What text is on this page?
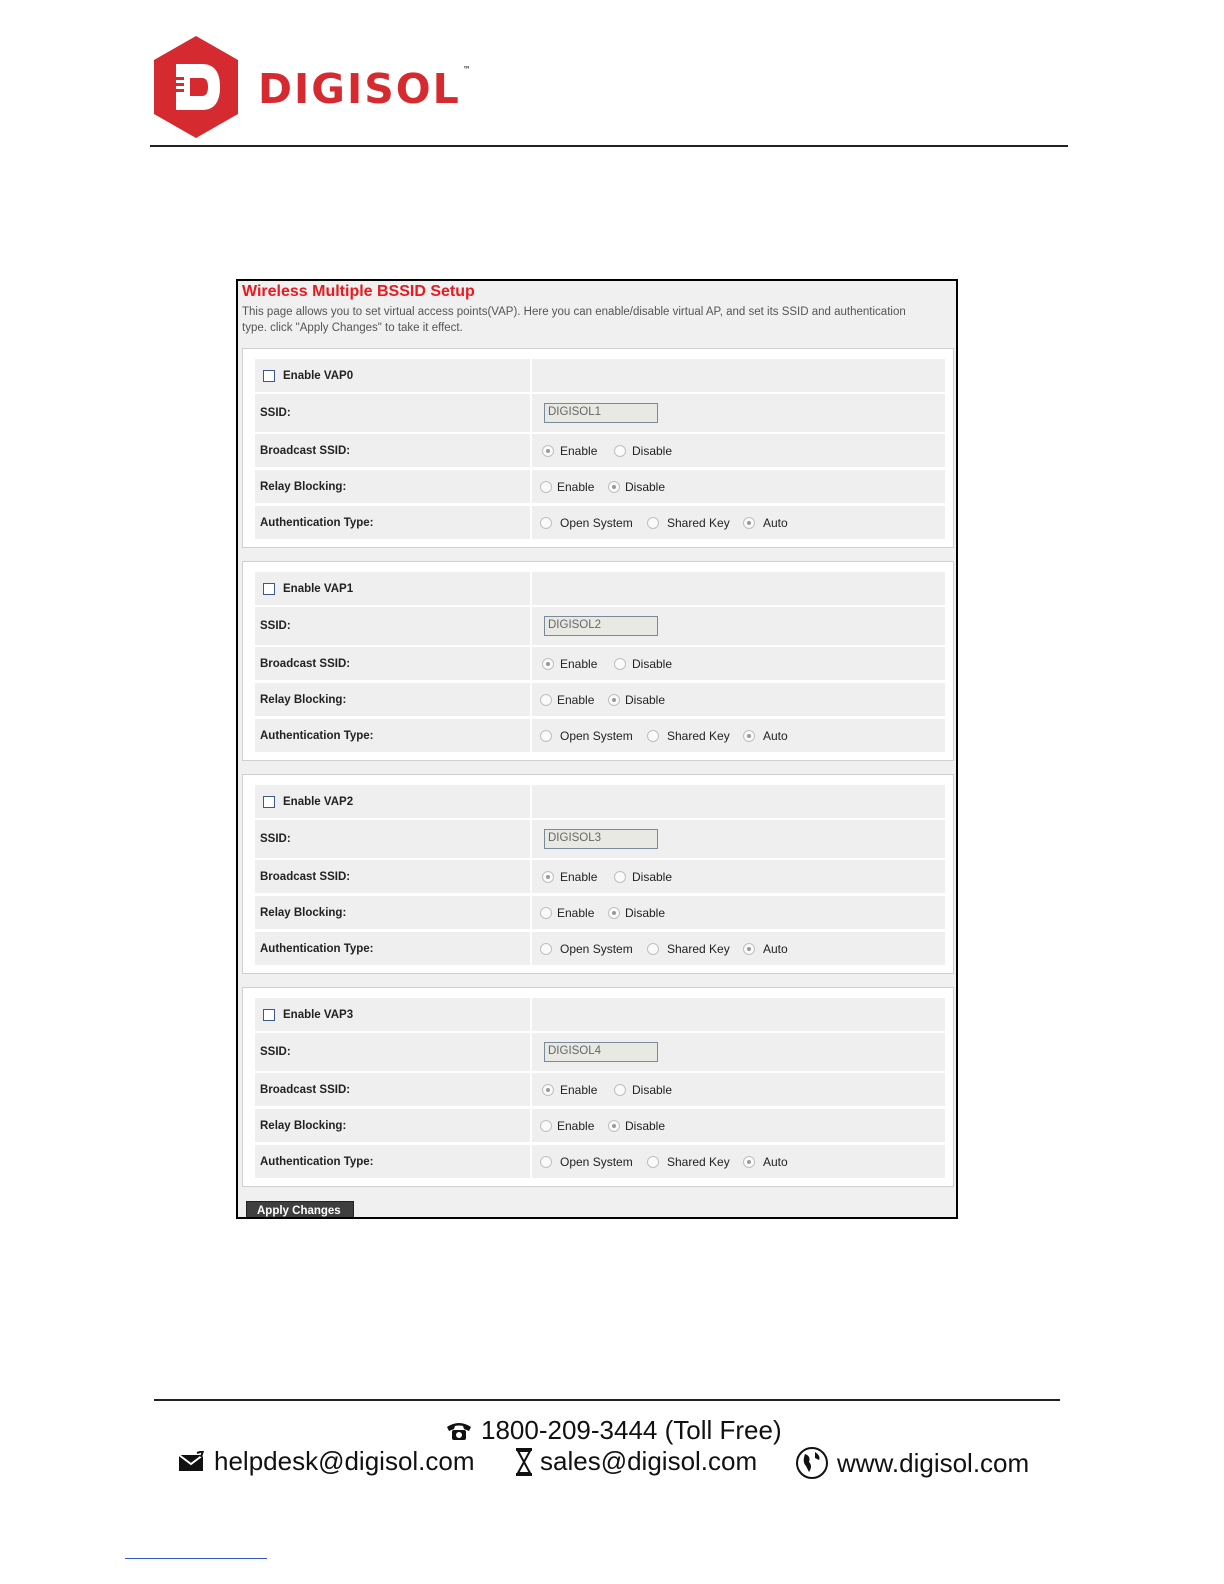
DIGISOL ™
Wireless Multiple BSSID Setup
This page allows you to set virtual access points(VAP). Here you can enable/disable virtual AP, and set its SSID and authentication type. click "Apply Changes" to take it effect.
Enable VAP0
SSID:	DIGISOL1
Broadcast SSID:	Enable	Disable
Relay Blocking:	Enable	Disable
Authentication Type:	Open System	Shared Key	Auto
Enable VAP1
SSID:	DIGISOL2
Broadcast SSID:	Enable	Disable
Relay Blocking:	Enable	Disable
Authentication Type:	Open System	Shared Key	Auto
Enable VAP2
SSID:	DIGISOL3
Broadcast SSID:	Enable	Disable
Relay Blocking:	Enable	Disable
Authentication Type:	Open System	Shared Key	Auto
Enable VAP3
SSID:	DIGISOL4
Broadcast SSID:	Enable	Disable
Relay Blocking:	Enable	Disable
Authentication Type:	Open System	Shared Key	Auto
Apply Changes
1800-209-3444 (Toll Free)
helpdesk@digisol.com	sales@digisol.com	www.digisol.com
